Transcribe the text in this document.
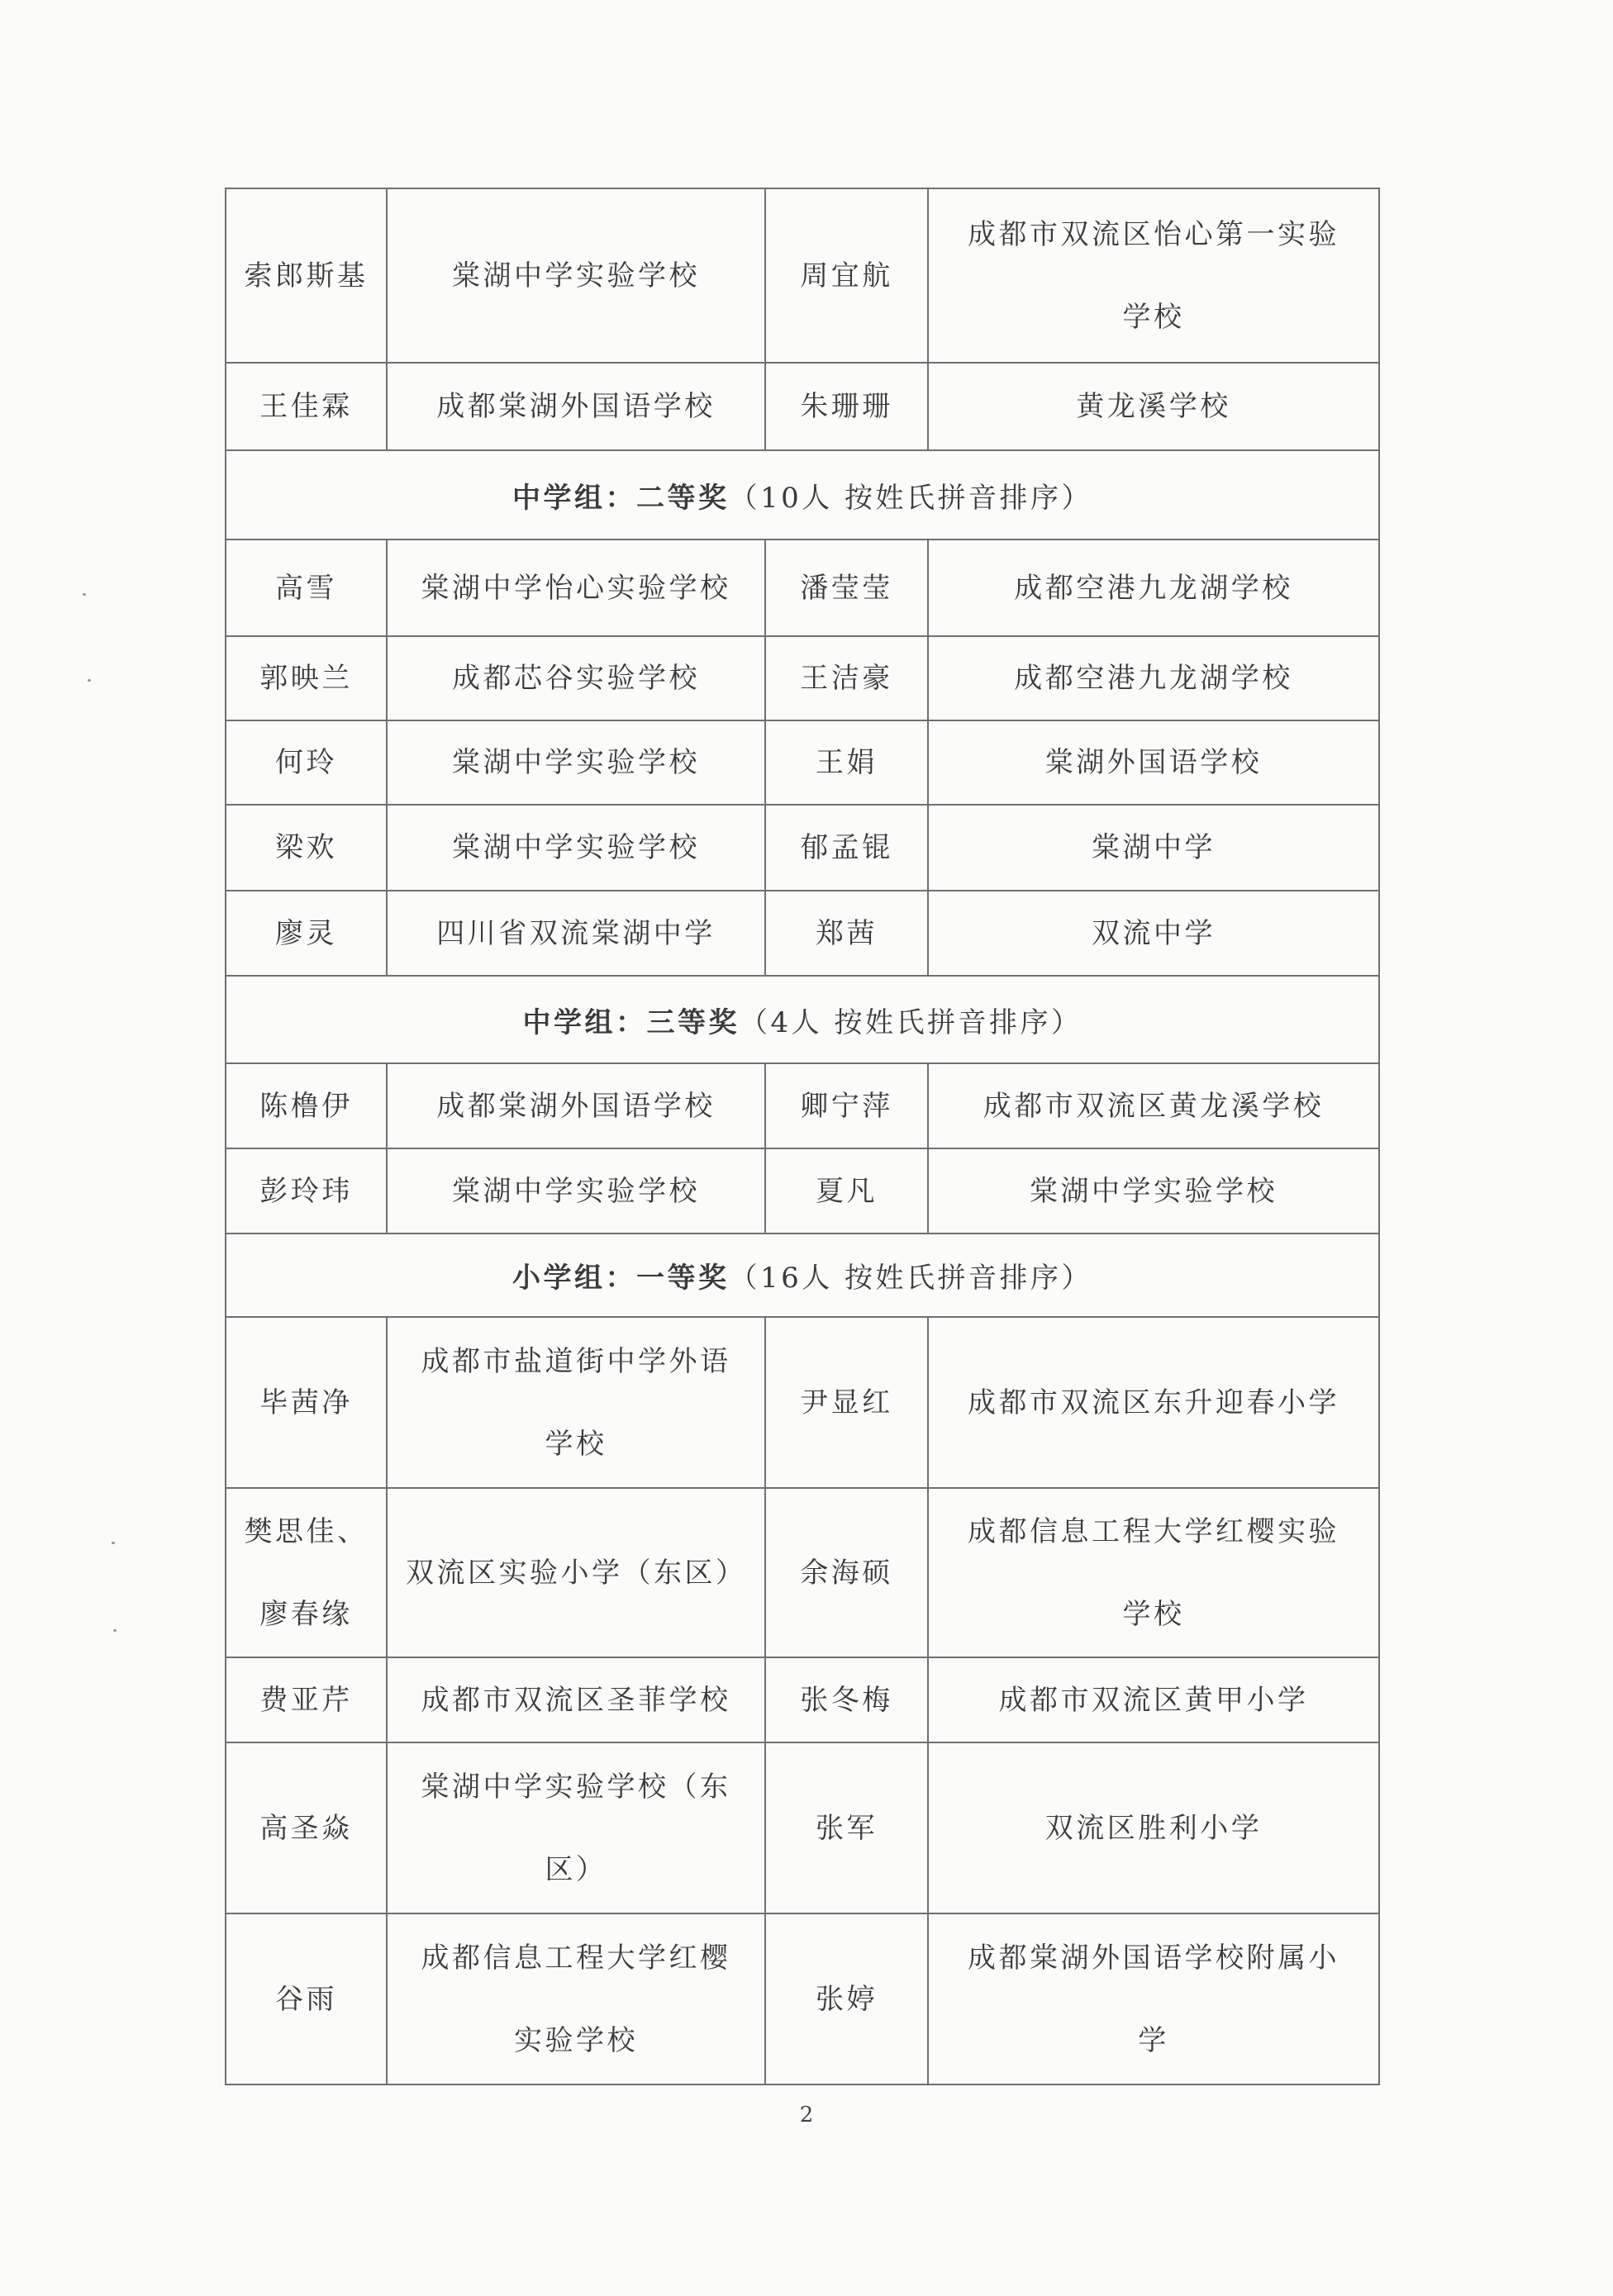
索郎斯基	棠湖中学实验学校	周宜航	成都市双流区怡心第一实验学校
王佳霖	成都棠湖外国语学校	朱珊珊	黄龙溪学校
中学组：二等奖（10人 按姓氏拼音排序）			
高雪	棠湖中学怡心实验学校	潘莹莹	成都空港九龙湖学校
郭映兰	成都芯谷实验学校	王洁豪	成都空港九龙湖学校
何玲	棠湖中学实验学校	王娟	棠湖外国语学校
梁欢	棠湖中学实验学校	郁孟锟	棠湖中学
廖灵	四川省双流棠湖中学	郑茜	双流中学
中学组：三等奖（4人 按姓氏拼音排序）			
陈橹伊	成都棠湖外国语学校	卿宁萍	成都市双流区黄龙溪学校
彭玲玮	棠湖中学实验学校	夏凡	棠湖中学实验学校
小学组：一等奖（16人 按姓氏拼音排序）			
毕茜净	成都市盐道街中学外语学校	尹显红	成都市双流区东升迎春小学
樊思佳、廖春缘	双流区实验小学（东区）	余海硕	成都信息工程大学红樱实验学校
费亚芹	成都市双流区圣菲学校	张冬梅	成都市双流区黄甲小学
高圣焱	棠湖中学实验学校（东区）	张军	双流区胜利小学
谷雨	成都信息工程大学红樱实验学校	张婷	成都棠湖外国语学校附属小学
2
